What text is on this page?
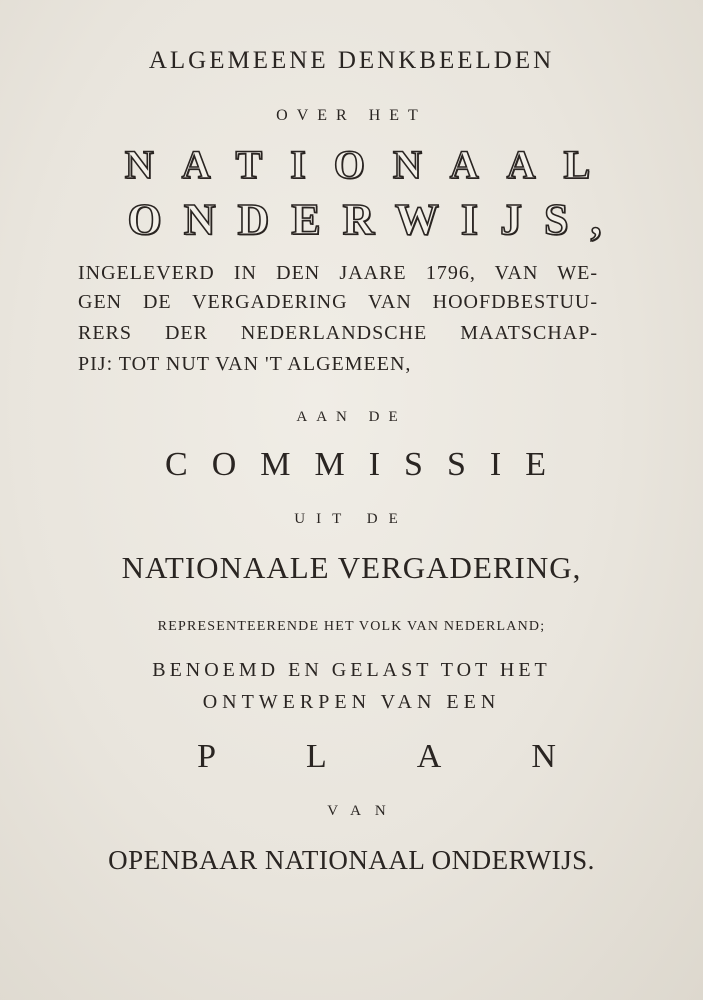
ALGEMEENE DENKBEELDEN
OVER HET
NATIONAAL
ONDERWIJS,
INGELEVERD IN DEN JAARE 1796, VAN WE-
GEN DE VERGADERING VAN HOOFDBESTUU-
RERS DER NEDERLANDSCHE MAATSCHAP-
PIJ: TOT NUT VAN 'T ALGEMEEN,
AAN DE
COMMISSIE
UIT DE
NATIONAALE VERGADERING,
REPRESENTEERENDE HET VOLK VAN NEDERLAND;
BENOEMD EN GELAST TOT HET
ONTWERPEN VAN EEN
PLAN
VAN
OPENBAAR NATIONAAL ONDERWIJS.
